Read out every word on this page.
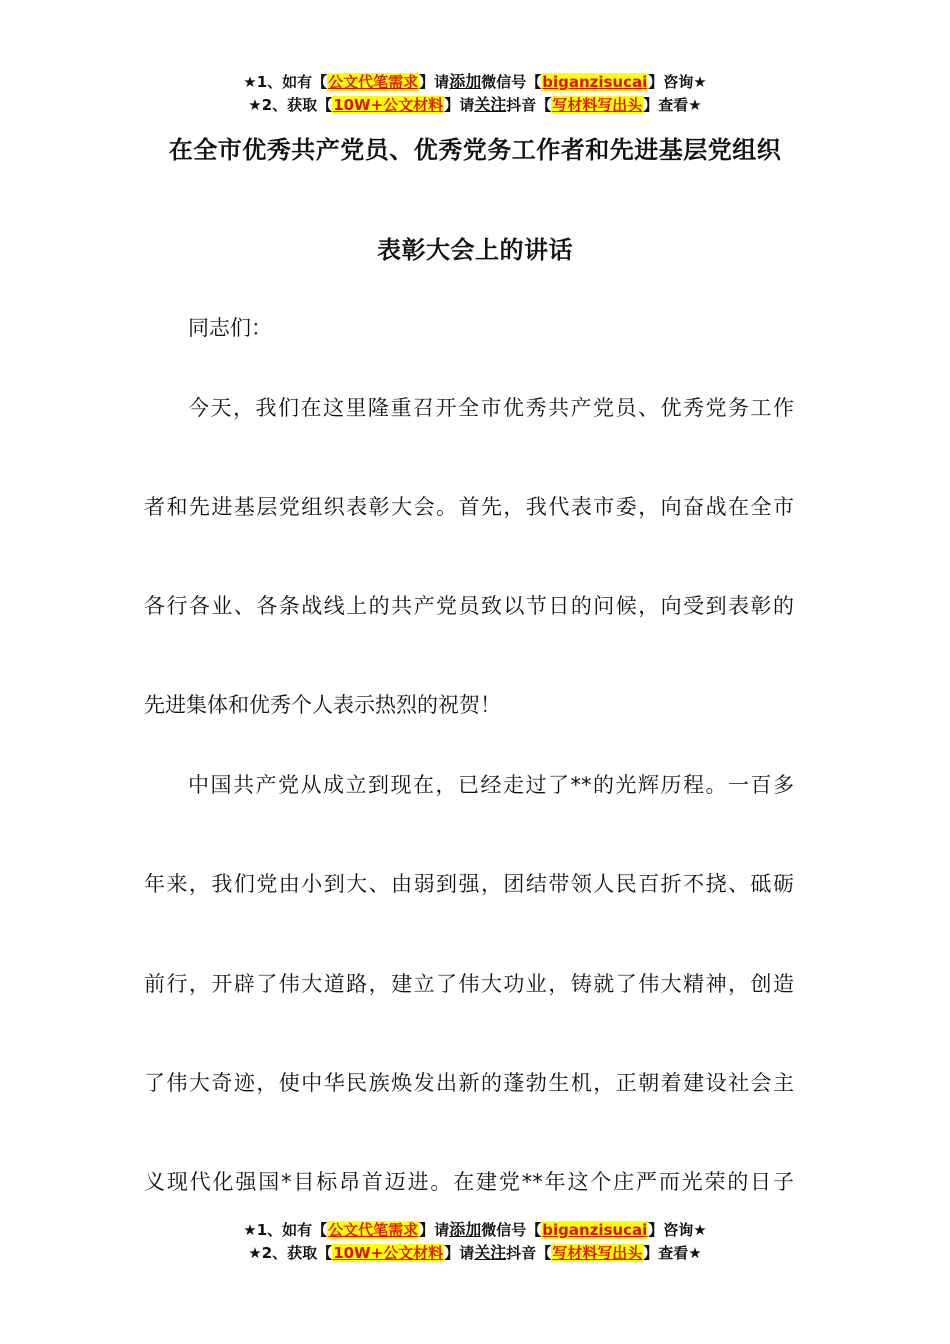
★1、如有【公文代笔需求】请添加微信号【biganzisucai】咨询★
★2、获取【10W+公文材料】请关注抖音【写材料写出头】查看★
在全市优秀共产党员、优秀党务工作者和先进基层党组织
表彰大会上的讲话
同志们：
今天，我们在这里隆重召开全市优秀共产党员、优秀党务工作
者和先进基层党组织表彰大会。首先，我代表市委，向奋战在全市
各行各业、各条战线上的共产党员致以节日的问候，向受到表彰的
先进集体和优秀个人表示热烈的祝贺！
中国共产党从成立到现在，已经走过了**的光辉历程。一百多
年来，我们党由小到大、由弱到强，团结带领人民百折不挠、砥砺
前行，开辟了伟大道路，建立了伟大功业，铸就了伟大精神，创造
了伟大奇迹，使中华民族焕发出新的蓬勃生机，正朝着建设社会主
义现代化强国*目标昂首迈进。在建党**年这个庄严而光荣的日子
★1、如有【公文代笔需求】请添加微信号【biganzisucai】咨询★
★2、获取【10W+公文材料】请关注抖音【写材料写出头】查看★
